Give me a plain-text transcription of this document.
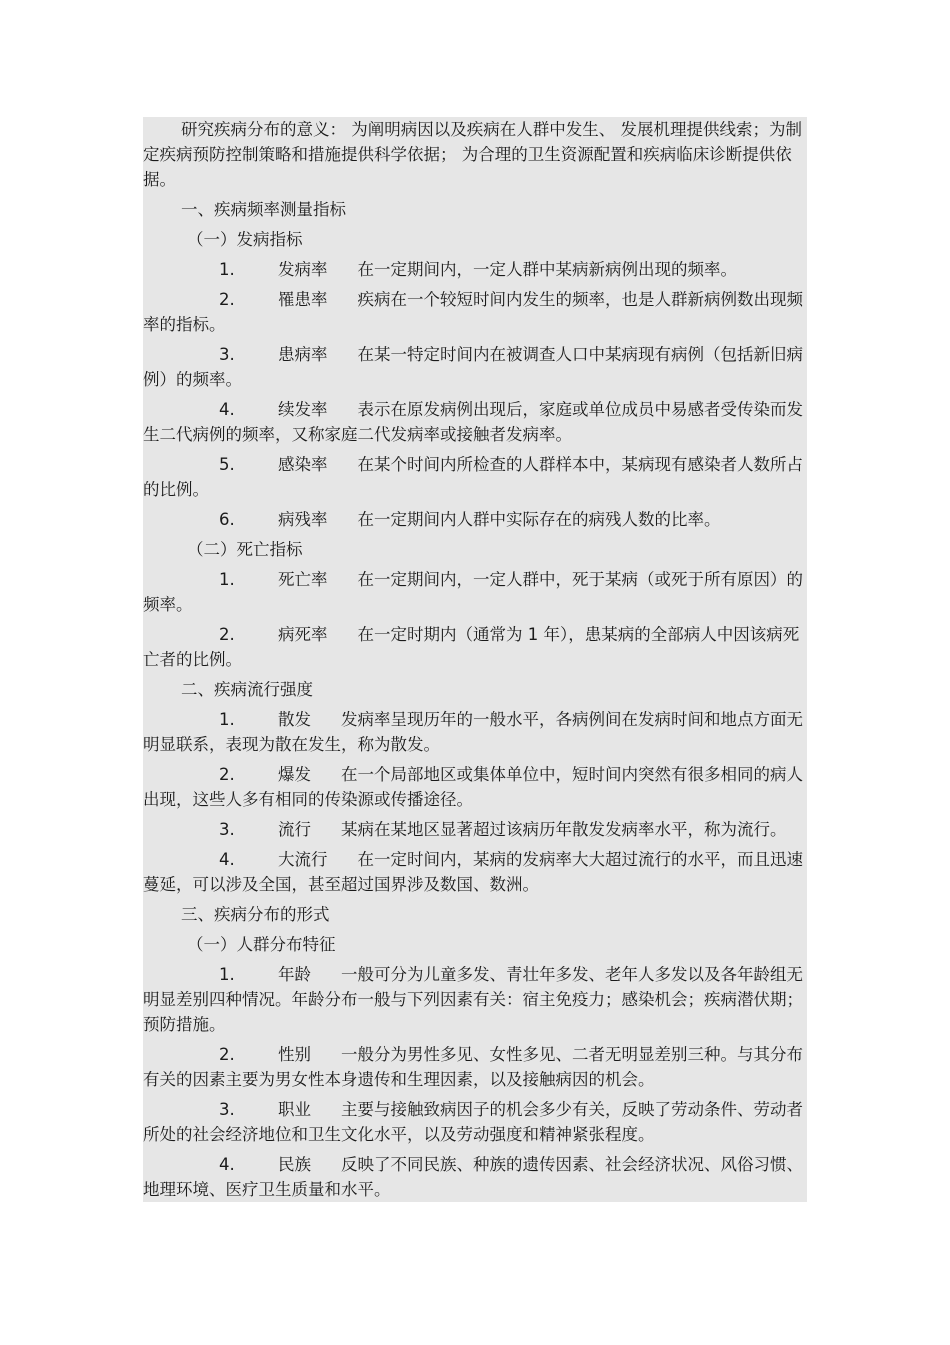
研究疾病分布的意义： 为阐明病因以及疾病在人群中发生、 发展机理提供线索；为制定疾病预防控制策略和措施提供科学依据； 为合理的卫生资源配置和疾病临床诊断提供依据。

一、疾病频率测量指标

（一）发病指标

1.	发病率 在一定期间内，一定人群中某病新病例出现的频率。

2.	罹患率 疾病在一个较短时间内发生的频率，也是人群新病例数出现频率的指标。

3.	患病率 在某一特定时间内在被调查人口中某病现有病例（包括新旧病例）的频率。

4.	续发率 表示在原发病例出现后，家庭或单位成员中易感者受传染而发生二代病例的频率，又称家庭二代发病率或接触者发病率。

5.	感染率 在某个时间内所检查的人群样本中，某病现有感染者人数所占的比例。

6.	病残率 在一定期间内人群中实际存在的病残人数的比率。

（二）死亡指标

1.	死亡率 在一定期间内，一定人群中，死于某病（或死于所有原因）的频率。

2.	病死率 在一定时期内（通常为 1 年），患某病的全部病人中因该病死亡者的比例。

二、疾病流行强度

1.	散发 发病率呈现历年的一般水平，各病例间在发病时间和地点方面无明显联系，表现为散在发生，称为散发。

2.	爆发 在一个局部地区或集体单位中，短时间内突然有很多相同的病人出现，这些人多有相同的传染源或传播途径。

3.	流行 某病在某地区显著超过该病历年散发发病率水平，称为流行。

4.	大流行 在一定时间内，某病的发病率大大超过流行的水平，而且迅速蔓延，可以涉及全国，甚至超过国界涉及数国、数洲。

三、疾病分布的形式

（一）人群分布特征

1.	年龄 一般可分为儿童多发、青壮年多发、老年人多发以及各年龄组无明显差别四种情况。年龄分布一般与下列因素有关：宿主免疫力；感染机会；疾病潜伏期；预防措施。

2.	性别 一般分为男性多见、女性多见、二者无明显差别三种。与其分布有关的因素主要为男女性本身遗传和生理因素，以及接触病因的机会。

3.	职业 主要与接触致病因子的机会多少有关，反映了劳动条件、劳动者所处的社会经济地位和卫生文化水平，以及劳动强度和精神紧张程度。

4.	民族 反映了不同民族、种族的遗传因素、社会经济状况、风俗习惯、地理环境、医疗卫生质量和水平。
